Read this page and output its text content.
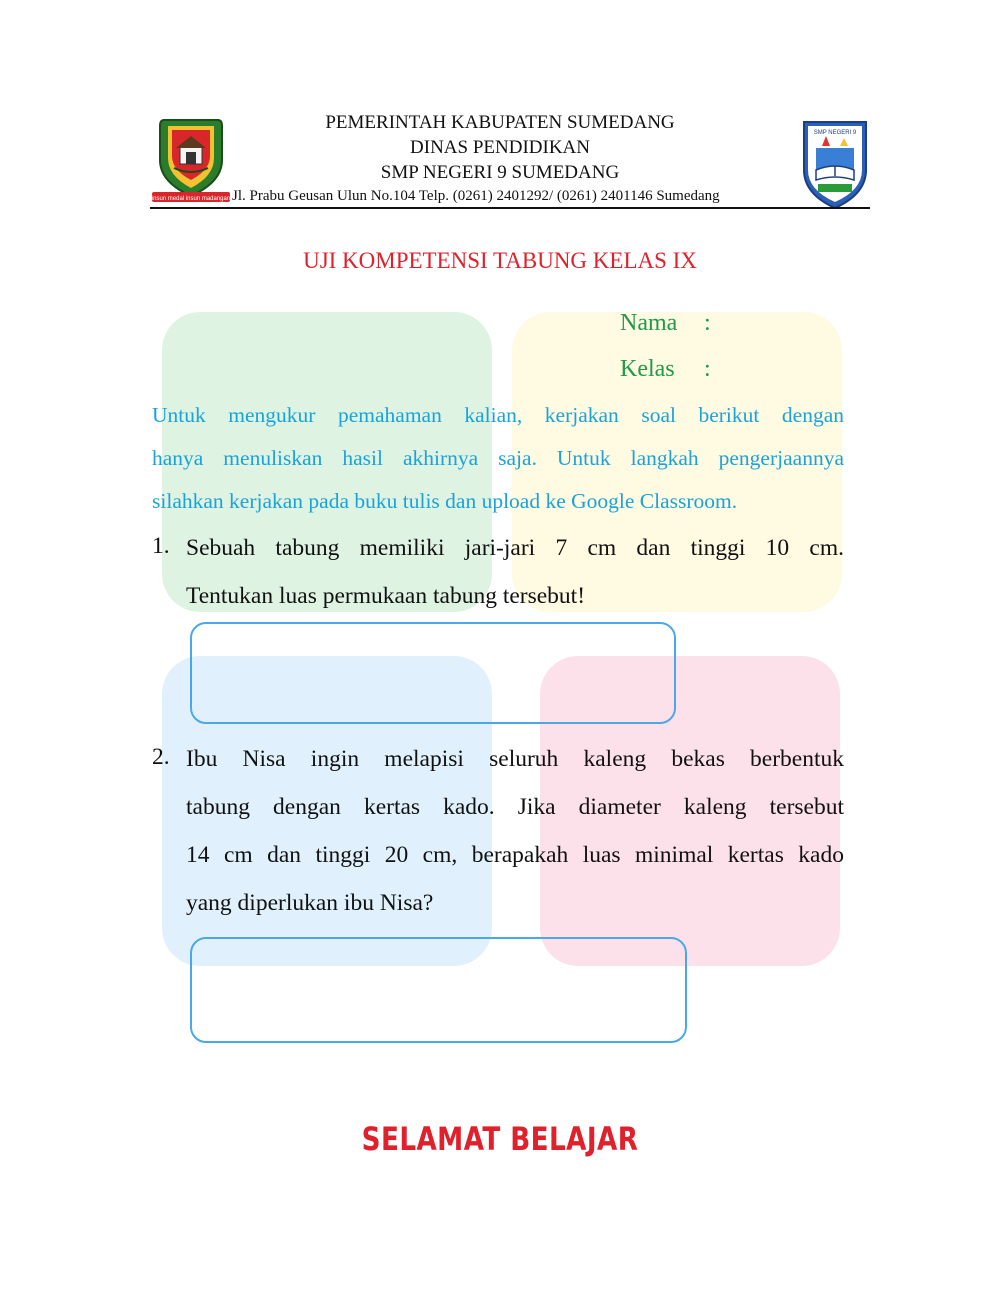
insun medal insun madangan
PEMERINTAH KABUPATEN SUMEDANG
DINAS PENDIDIKAN
SMP NEGERI 9 SUMEDANG
Jl. Prabu Geusan Ulun No.104 Telp. (0261) 2401292/ (0261) 2401146 Sumedang
SMP NEGERI 9
UJI KOMPETENSI TABUNG KELAS IX
Nama :
Kelas :
Untuk mengukur pemahaman kalian, kerjakan soal berikut dengan
hanya menuliskan hasil akhirnya saja. Untuk langkah pengerjaannya
silahkan kerjakan pada buku tulis dan upload ke Google Classroom.
1. Sebuah tabung memiliki jari-jari 7 cm dan tinggi 10 cm.
Tentukan luas permukaan tabung tersebut!
2. Ibu Nisa ingin melapisi seluruh kaleng bekas berbentuk
tabung dengan kertas kado. Jika diameter kaleng tersebut
14 cm dan tinggi 20 cm, berapakah luas minimal kertas kado
yang diperlukan ibu Nisa?
SELAMAT BELAJAR
